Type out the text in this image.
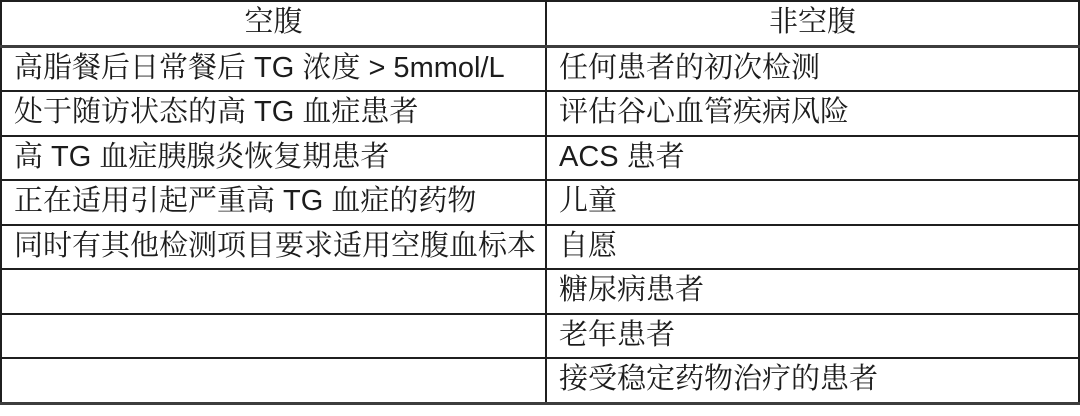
空腹	非空腹
高脂餐后日常餐后 TG 浓度 > 5mmol/L	任何患者的初次检测
处于随访状态的高 TG 血症患者	评估谷心血管疾病风险
高 TG 血症胰腺炎恢复期患者	ACS 患者
正在适用引起严重高 TG 血症的药物	儿童
同时有其他检测项目要求适用空腹血标本	自愿
	糖尿病患者
	老年患者
	接受稳定药物治疗的患者
